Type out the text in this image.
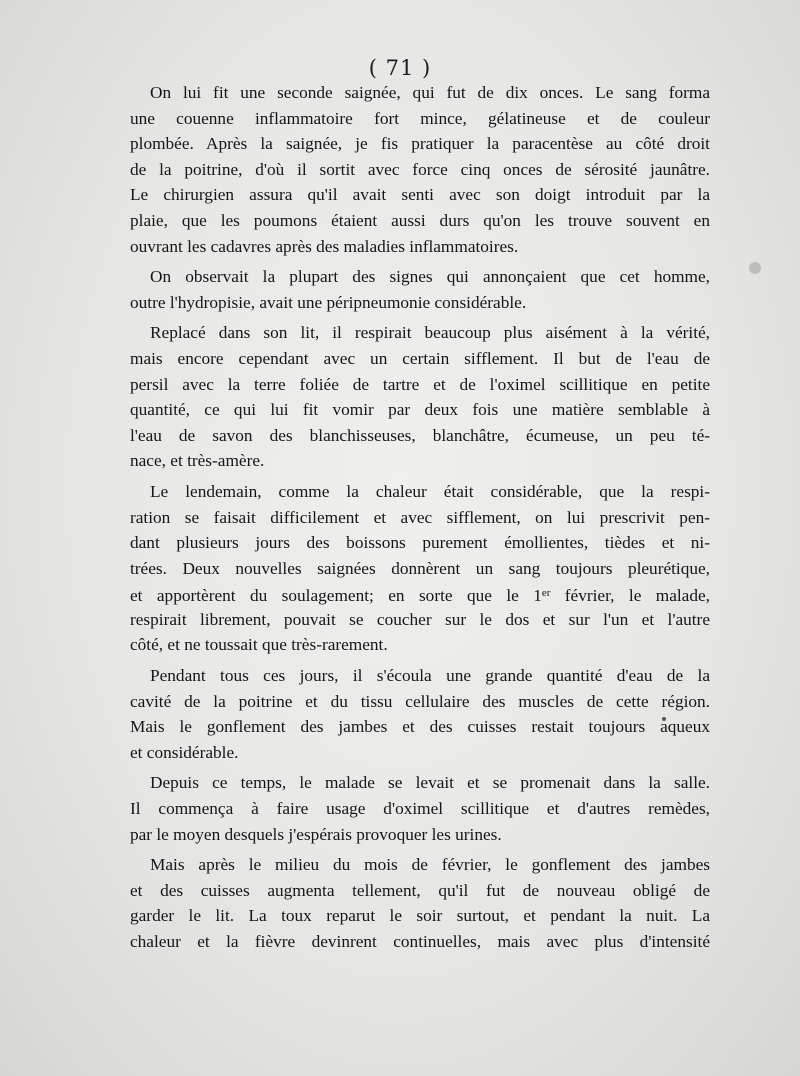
( 71 )
On lui fit une seconde saignée, qui fut de dix onces. Le sang forma
une couenne inflammatoire fort mince, gélatineuse et de couleur
plombée. Après la saignée, je fis pratiquer la paracentèse au côté droit
de la poitrine, d'où il sortit avec force cinq onces de sérosité jaunâtre.
Le chirurgien assura qu'il avait senti avec son doigt introduit par la
plaie, que les poumons étaient aussi durs qu'on les trouve souvent en
ouvrant les cadavres après des maladies inflammatoires.
On observait la plupart des signes qui annonçaient que cet homme,
outre l'hydropisie, avait une péripneumonie considérable.
Replacé dans son lit, il respirait beaucoup plus aisément à la vérité,
mais encore cependant avec un certain sifflement. Il but de l'eau de
persil avec la terre foliée de tartre et de l'oximel scillitique en petite
quantité, ce qui lui fit vomir par deux fois une matière semblable à
l'eau de savon des blanchisseuses, blanchâtre, écumeuse, un peu té-
nace, et très-amère.
Le lendemain, comme la chaleur était considérable, que la respi-
ration se faisait difficilement et avec sifflement, on lui prescrivit pen-
dant plusieurs jours des boissons purement émollientes, tièdes et ni-
trées. Deux nouvelles saignées donnèrent un sang toujours pleurétique,
et apportèrent du soulagement; en sorte que le 1er février, le malade,
respirait librement, pouvait se coucher sur le dos et sur l'un et l'autre
côté, et ne toussait que très-rarement.
Pendant tous ces jours, il s'écoula une grande quantité d'eau de la
cavité de la poitrine et du tissu cellulaire des muscles de cette région.
Mais le gonflement des jambes et des cuisses restait toujours aqueux
et considérable.
Depuis ce temps, le malade se levait et se promenait dans la salle.
Il commença à faire usage d'oximel scillitique et d'autres remèdes,
par le moyen desquels j'espérais provoquer les urines.
Mais après le milieu du mois de février, le gonflement des jambes
et des cuisses augmenta tellement, qu'il fut de nouveau obligé de
garder le lit. La toux reparut le soir surtout, et pendant la nuit. La
chaleur et la fièvre devinrent continuelles, mais avec plus d'intensité
